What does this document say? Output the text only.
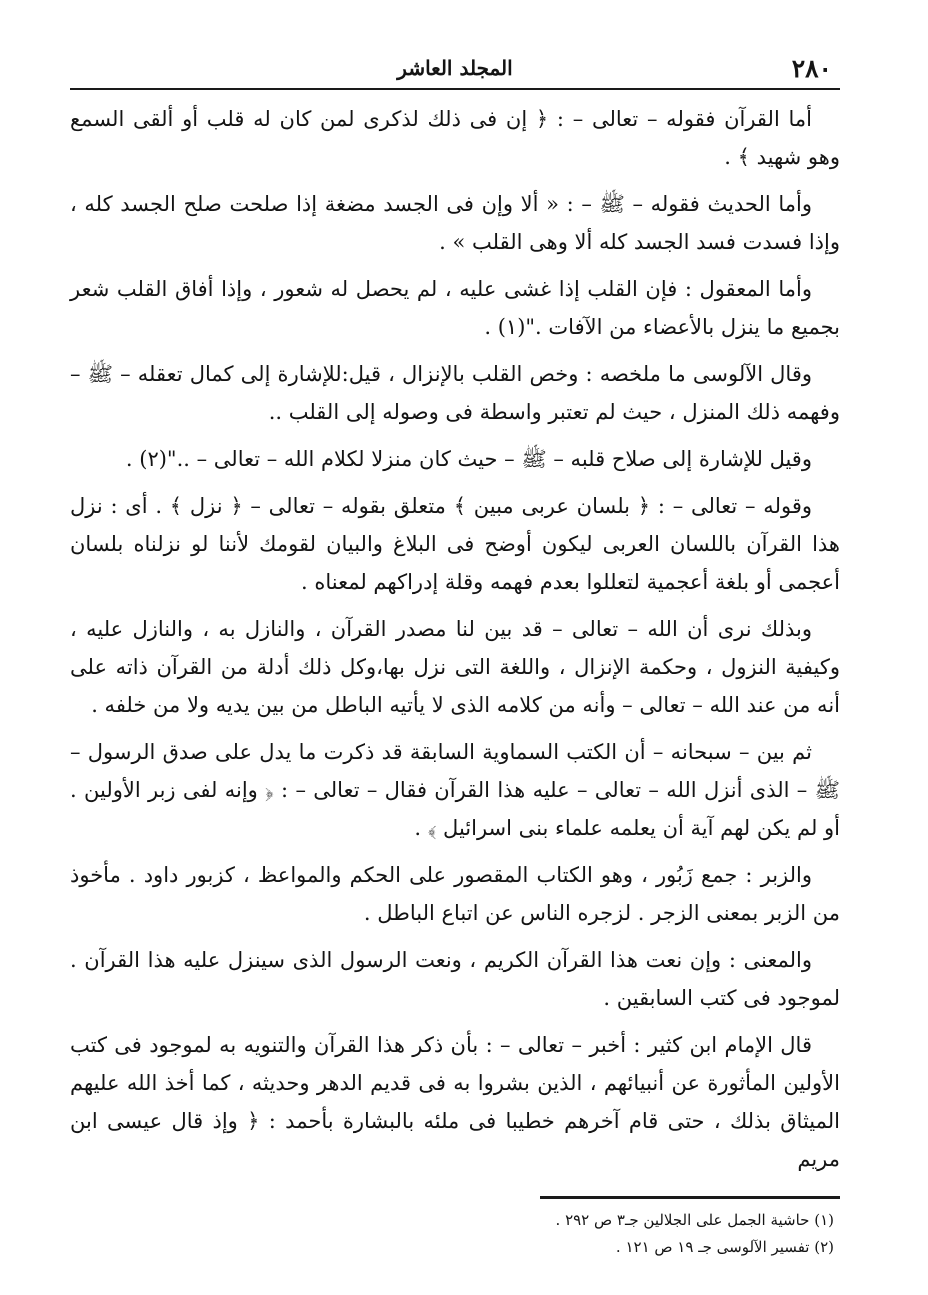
٢٨٠
المجلد العاشر

أما القرآن فقوله – تعالى – : ﴿ إن فى ذلك لذكرى لمن كان له قلب أو ألقى السمع وهو شهيد ﴾ .

وأما الحديث فقوله – ﷺ – : « ألا وإن فى الجسد مضغة إذا صلحت صلح الجسد كله ، وإذا فسدت فسد الجسد كله ألا وهى القلب » .

وأما المعقول : فإن القلب إذا غشى عليه ، لم يحصل له شعور ، وإذا أفاق القلب شعر بجميع ما ينزل بالأعضاء من الآفات ."(١) .

وقال الآلوسى ما ملخصه : وخص القلب بالإنزال ، قيل:للإشارة إلى كمال تعقله – ﷺ – وفهمه ذلك المنزل ، حيث لم تعتبر واسطة فى وصوله إلى القلب ..

وقيل للإشارة إلى صلاح قلبه – ﷺ – حيث كان منزلا لكلام الله – تعالى – .."(٢) .

وقوله – تعالى – : ﴿ بلسان عربى مبين ﴾ متعلق بقوله – تعالى – ﴿ نزل ﴾ . أى : نزل هذا القرآن باللسان العربى ليكون أوضح فى البلاغ والبيان لقومك لأننا لو نزلناه بلسان أعجمى أو بلغة أعجمية لتعللوا بعدم فهمه وقلة إدراكهم لمعناه .

وبذلك نرى أن الله – تعالى – قد بين لنا مصدر القرآن ، والنازل به ، والنازل عليه ، وكيفية النزول ، وحكمة الإنزال ، واللغة التى نزل بها،وكل ذلك أدلة من القرآن ذاته على أنه من عند الله – تعالى – وأنه من كلامه الذى لا يأتيه الباطل من بين يديه ولا من خلفه .

ثم بين – سبحانه – أن الكتب السماوية السابقة قد ذكرت ما يدل على صدق الرسول – ﷺ – الذى أنزل الله – تعالى – عليه هذا القرآن فقال – تعالى – : ﴿ وإنه لفى زبر الأولين . أو لم يكن لهم آية أن يعلمه علماء بنى اسرائيل ﴾ .

والزبر : جمع زَبُور ، وهو الكتاب المقصور على الحكم والمواعظ ، كزبور داود . مأخوذ من الزبر بمعنى الزجر . لزجره الناس عن اتباع الباطل .

والمعنى : وإن نعت هذا القرآن الكريم ، ونعت الرسول الذى سينزل عليه هذا القرآن . لموجود فى كتب السابقين .

قال الإمام ابن كثير : أخبر – تعالى – : بأن ذكر هذا القرآن والتنويه به لموجود فى كتب الأولين المأثورة عن أنبيائهم ، الذين بشروا به فى قديم الدهر وحديثه ، كما أخذ الله عليهم الميثاق بذلك ، حتى قام آخرهم خطيبا فى ملئه بالبشارة بأحمد : ﴿ وإذ قال عيسى ابن مريم

(١) حاشية الجمل على الجلالين جـ٣ ص ٢٩٢ .

(٢) تفسير الآلوسى جـ ١٩ ص ١٢١ .
